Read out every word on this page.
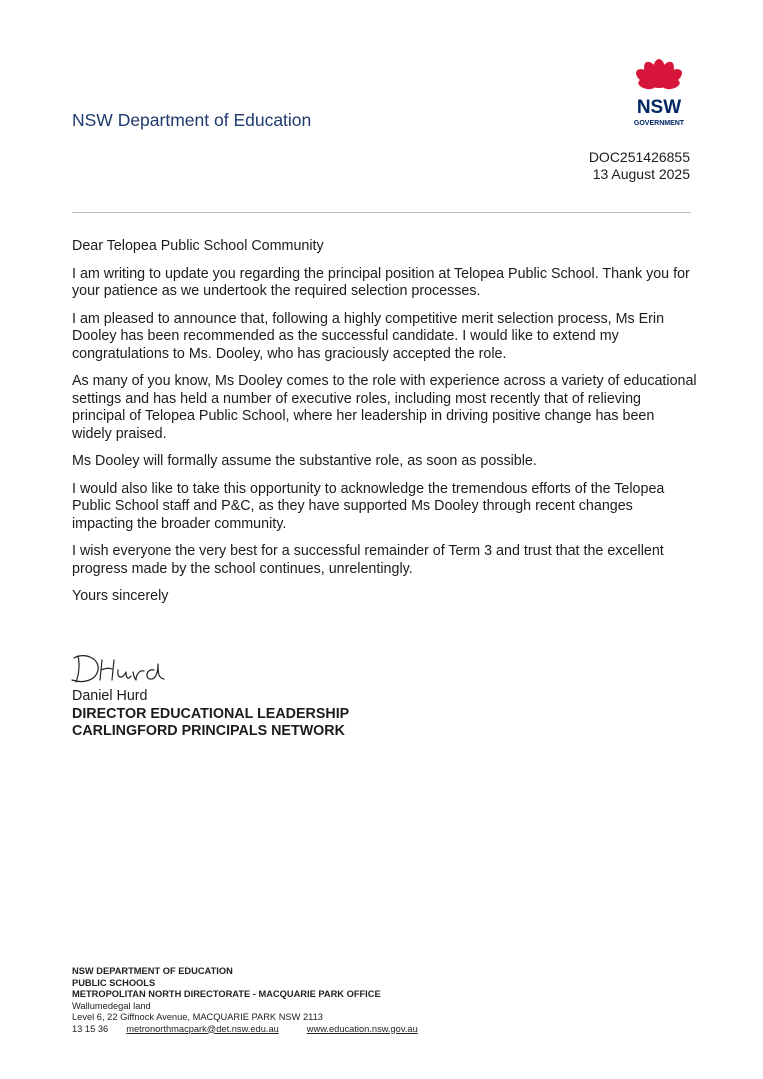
NSW Department of Education
NSW
GOVERNMENT
DOC251426855
13 August 2025

Dear Telopea Public School Community

I am writing to update you regarding the principal position at Telopea Public School. Thank you for your patience as we undertook the required selection processes.

I am pleased to announce that, following a highly competitive merit selection process, Ms Erin Dooley has been recommended as the successful candidate. I would like to extend my congratulations to Ms. Dooley, who has graciously accepted the role.

As many of you know, Ms Dooley comes to the role with experience across a variety of educational settings and has held a number of executive roles, including most recently that of relieving principal of Telopea Public School, where her leadership in driving positive change has been widely praised.

Ms Dooley will formally assume the substantive role, as soon as possible.

I would also like to take this opportunity to acknowledge the tremendous efforts of the Telopea Public School staff and P&C, as they have supported Ms Dooley through recent changes impacting the broader community.

I wish everyone the very best for a successful remainder of Term 3 and trust that the excellent progress made by the school continues, unrelentingly.

Yours sincerely

Daniel Hurd
DIRECTOR EDUCATIONAL LEADERSHIP
CARLINGFORD PRINCIPALS NETWORK
NSW DEPARTMENT OF EDUCATION
PUBLIC SCHOOLS
METROPOLITAN NORTH DIRECTORATE - MACQUARIE PARK OFFICE
Wallumedegal land
Level 6, 22 Giffnock Avenue, MACQUARIE PARK NSW 2113
13 15 36 metronorthmacpark@det.nsw.edu.au	www.education.nsw.gov.au
